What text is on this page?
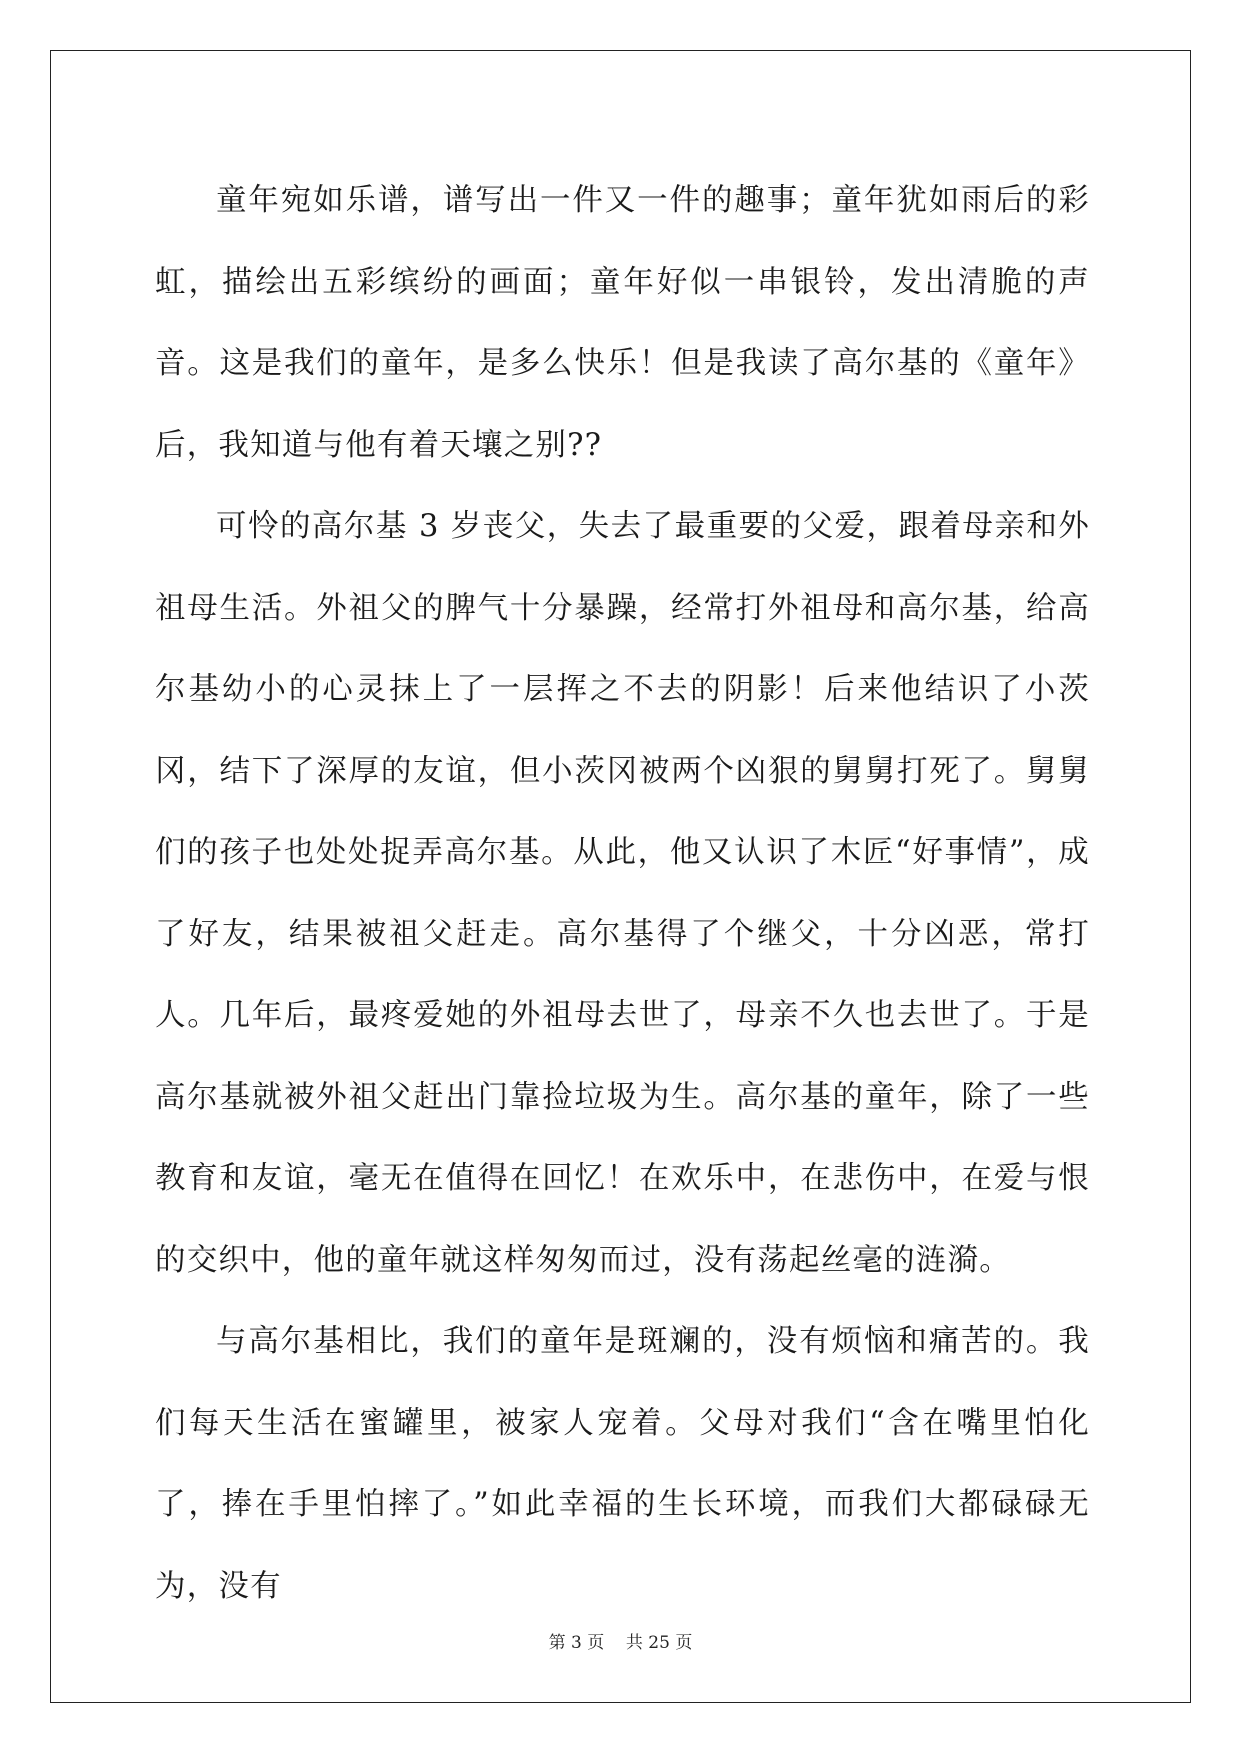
童年宛如乐谱，谱写出一件又一件的趣事；童年犹如雨后的彩虹，描绘出五彩缤纷的画面；童年好似一串银铃，发出清脆的声音。这是我们的童年，是多么快乐！但是我读了高尔基的《童年》后，我知道与他有着天壤之别??

可怜的高尔基 3 岁丧父，失去了最重要的父爱，跟着母亲和外祖母生活。外祖父的脾气十分暴躁，经常打外祖母和高尔基，给高尔基幼小的心灵抹上了一层挥之不去的阴影！后来他结识了小茨冈，结下了深厚的友谊，但小茨冈被两个凶狠的舅舅打死了。舅舅们的孩子也处处捉弄高尔基。从此，他又认识了木匠“好事情”，成了好友，结果被祖父赶走。高尔基得了个继父，十分凶恶，常打人。几年后，最疼爱她的外祖母去世了，母亲不久也去世了。于是高尔基就被外祖父赶出门靠捡垃圾为生。高尔基的童年，除了一些教育和友谊，毫无在值得在回忆！在欢乐中，在悲伤中，在爱与恨的交织中，他的童年就这样匆匆而过，没有荡起丝毫的涟漪。

与高尔基相比，我们的童年是斑斓的，没有烦恼和痛苦的。我们每天生活在蜜罐里，被家人宠着。父母对我们“含在嘴里怕化了，捧在手里怕摔了。”如此幸福的生长环境，而我们大都碌碌无为，没有

第 3 页    共 25 页
